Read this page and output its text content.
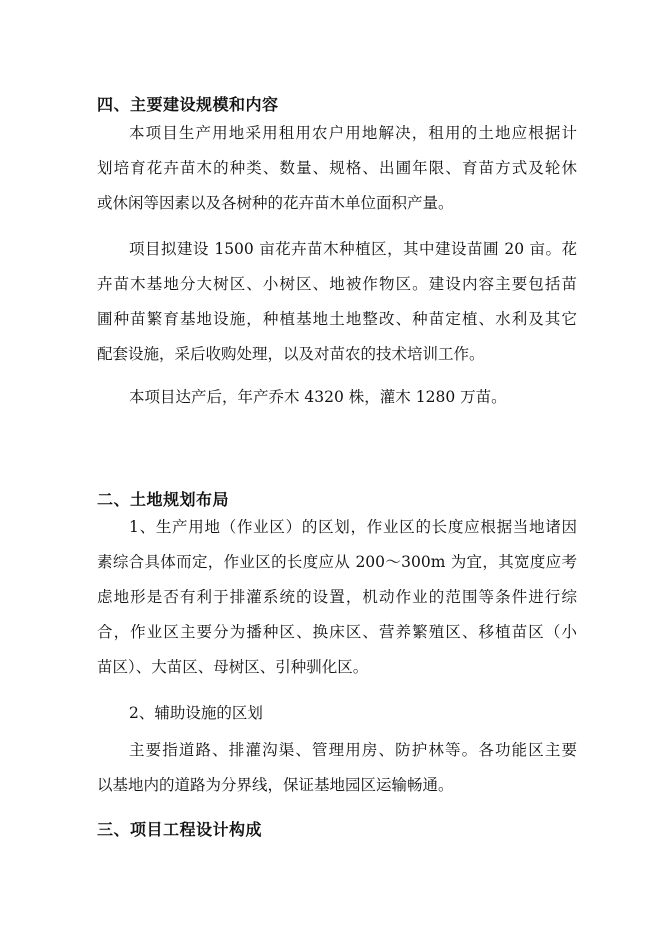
四、主要建设规模和内容
本项目生产用地采用租用农户用地解决，租用的土地应根据计
划培育花卉苗木的种类、数量、规格、出圃年限、育苗方式及轮休
或休闲等因素以及各树种的花卉苗木单位面积产量。
项目拟建设 1500 亩花卉苗木种植区，其中建设苗圃 20 亩。花
卉苗木基地分大树区、小树区、地被作物区。建设内容主要包括苗
圃种苗繁育基地设施，种植基地土地整改、种苗定植、水利及其它
配套设施，采后收购处理，以及对苗农的技术培训工作。
本项目达产后，年产乔木 4320 株，灌木 1280 万苗。
二、土地规划布局
1、生产用地（作业区）的区划，作业区的长度应根据当地诸因
素综合具体而定，作业区的长度应从 200～300m 为宜，其宽度应考
虑地形是否有利于排灌系统的设置，机动作业的范围等条件进行综
合，作业区主要分为播种区、换床区、营养繁殖区、移植苗区（小
苗区）、大苗区、母树区、引种驯化区。
2、辅助设施的区划
主要指道路、排灌沟渠、管理用房、防护林等。各功能区主要
以基地内的道路为分界线，保证基地园区运输畅通。
三、项目工程设计构成
